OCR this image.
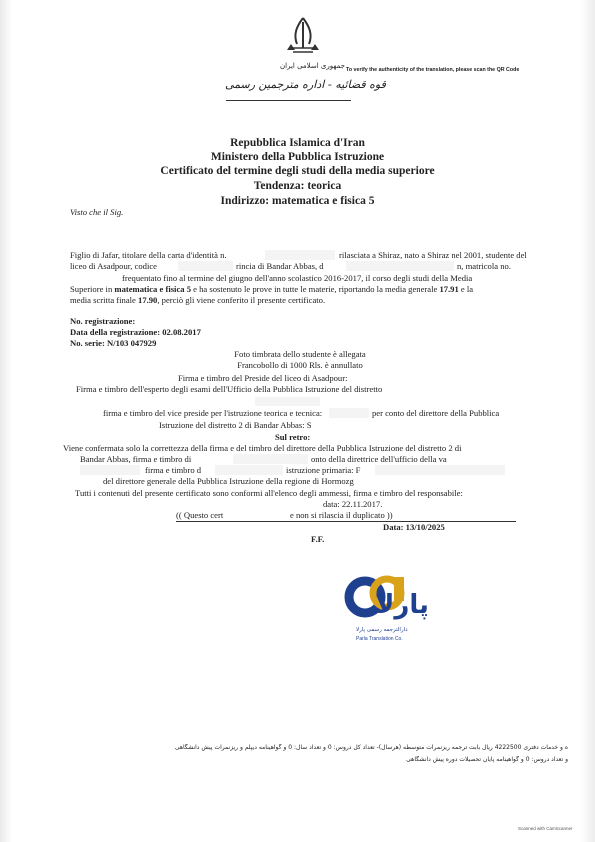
جمهوری اسلامی ایران
قوه قضائیه - اداره مترجمین رسمی
To verify the authenticity of the translation, please scan the QR Code
Repubblica Islamica d'Iran
Ministero della Pubblica Istruzione
Certificato del termine degli studi della media superiore
Tendenza: teorica
Indirizzo: matematica e fisica 5
Visto che il Sig.
Figlio di Jafar, titolare della carta d'identità n.	rilasciata a Shiraz, nato a Shiraz nel 2001, studente del
liceo di Asadpour, codice	rincia di Bandar Abbas, d	n, matricola no.
frequentato fino al termine del giugno dell'anno scolastico 2016-2017, il corso degli studi della Media
Superiore in matematica e fisica 5 e ha sostenuto le prove in tutte le materie, riportando la media generale 17.91 e la
media scritta finale 17.90, perciò gli viene conferito il presente certificato.
No. registrazione:
Data della registrazione: 02.08.2017
No. serie: N/103 047929
Foto timbrata dello studente è allegata
Francobollo di 1000 Rls. è annullato
Firma e timbro del Preside del liceo di Asadpour:
Firma e timbro dell'esperto degli esami dell'Ufficio della Pubblica Istruzione del distretto
firma e timbro del vice preside per l'istruzione teorica e tecnica:	per conto del direttore della Pubblica
Istruzione del distretto 2 di Bandar Abbas: S
Sul retro:
Viene confermata solo la correttezza della firma e del timbro del direttore della Pubblica Istruzione del distretto 2 di
Bandar Abbas, firma e timbro di	onto della direttrice dell'ufficio della va
firma e timbro d	istruzione primaria: F
del direttore generale della Pubblica Istruzione della regione di Hormozg
Tutti i contenuti del presente certificato sono conformi all'elenco degli ammessi, firma e timbro del responsabile:
data: 22.11.2017.
(( Questo cert	e non si rilascia il duplicato ))
Data: 13/10/2025
F.F.
پارلا
دارالترجمه رسمی پارلا
Parla Translation Co.
ه و خدمات دفتری 4222500 ریال بابت ترجمه ریزنمرات متوسطه (هرسال)- تعداد کل دروس: 0 و تعداد سال: 0 و گواهینامه دیپلم و ریزنمرات پیش دانشگاهی
و تعداد دروس: 0 و گواهینامه پایان تحصیلات دوره پیش دانشگاهی
Scanned with CamScanner
